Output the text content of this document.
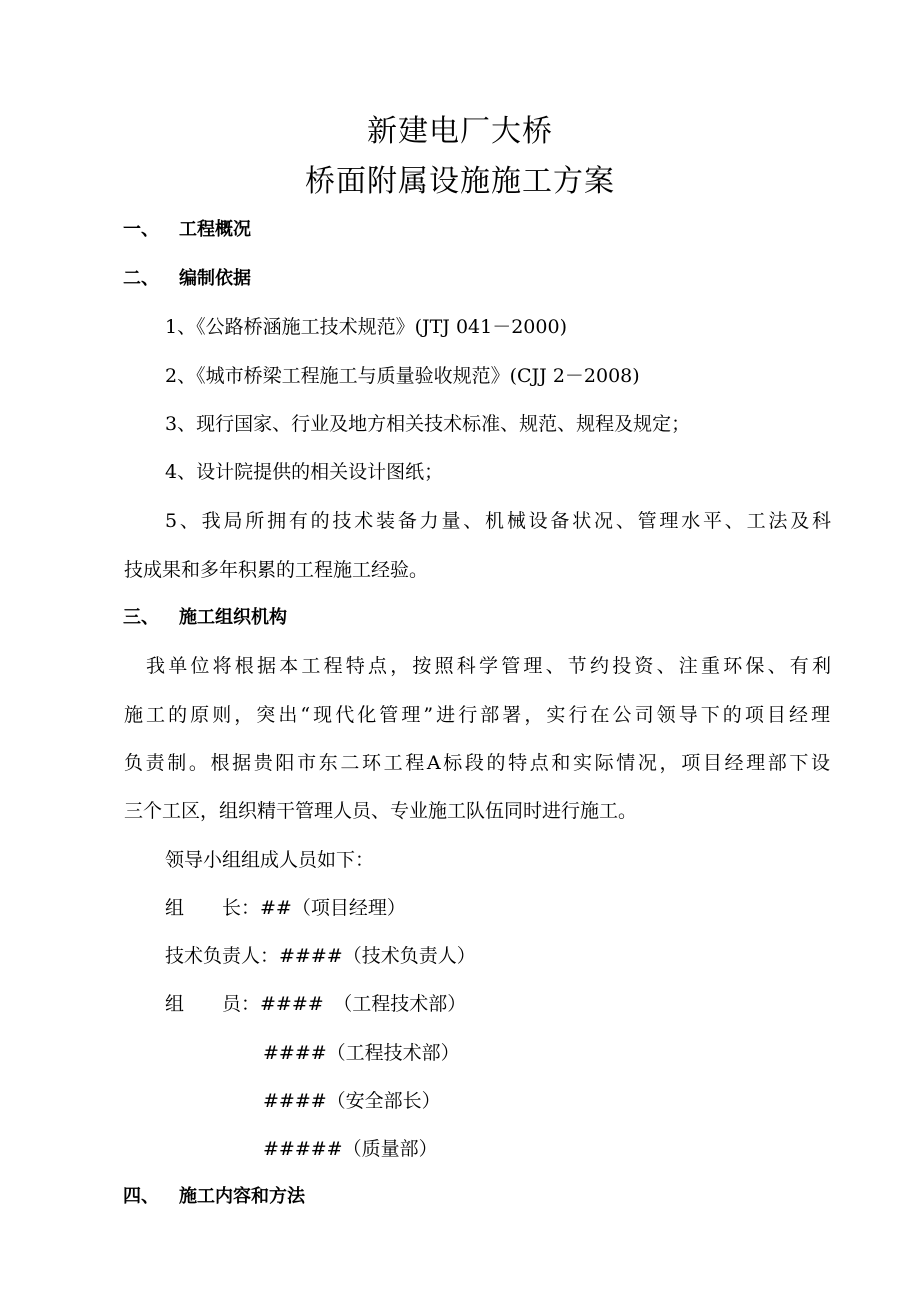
新建电厂大桥
桥面附属设施施工方案
一、 工程概况
二、 编制依据
1、《公路桥涵施工技术规范》(JTJ 041－2000)
2、《城市桥梁工程施工与质量验收规范》(CJJ 2－2008)
3、现行国家、行业及地方相关技术标准、规范、规程及规定；
4、设计院提供的相关设计图纸；
5、我局所拥有的技术装备力量、机械设备状况、管理水平、工法及科
技成果和多年积累的工程施工经验。
三、 施工组织机构
我单位将根据本工程特点，按照科学管理、节约投资、注重环保、有利
施工的原则，突出“现代化管理”进行部署，实行在公司领导下的项目经理
负责制。根据贵阳市东二环工程A标段的特点和实际情况，项目经理部下设
三个工区，组织精干管理人员、专业施工队伍同时进行施工。
领导小组组成人员如下：
组　　长：##（项目经理）
技术负责人：####（技术负责人）
组　　员：####　（工程技术部）
####（工程技术部）
####（安全部长）
#####（质量部）
四、 施工内容和方法
